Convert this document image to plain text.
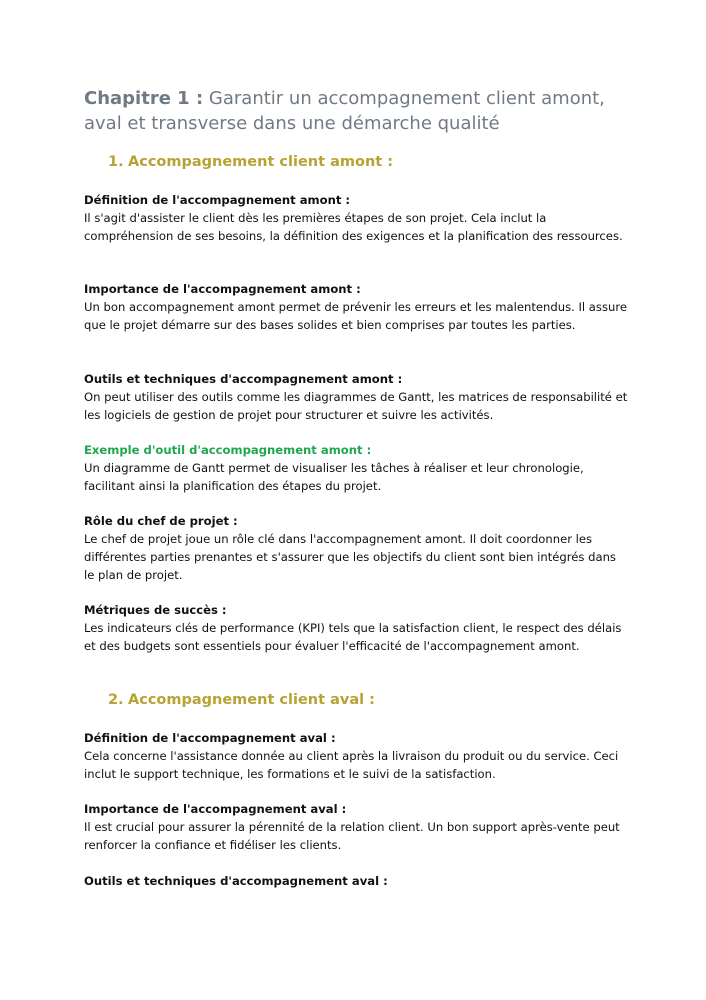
Chapitre 1 : Garantir un accompagnement client amont, aval et transverse dans une démarche qualité
1. Accompagnement client amont :

Définition de l'accompagnement amont :

Il s'agit d'assister le client dès les premières étapes de son projet. Cela inclut la compréhension de ses besoins, la définition des exigences et la planification des ressources.

Importance de l'accompagnement amont :

Un bon accompagnement amont permet de prévenir les erreurs et les malentendus. Il assure que le projet démarre sur des bases solides et bien comprises par toutes les parties.

Outils et techniques d'accompagnement amont :

On peut utiliser des outils comme les diagrammes de Gantt, les matrices de responsabilité et les logiciels de gestion de projet pour structurer et suivre les activités.

Exemple d'outil d'accompagnement amont :

Un diagramme de Gantt permet de visualiser les tâches à réaliser et leur chronologie, facilitant ainsi la planification des étapes du projet.

Rôle du chef de projet :

Le chef de projet joue un rôle clé dans l'accompagnement amont. Il doit coordonner les différentes parties prenantes et s'assurer que les objectifs du client sont bien intégrés dans le plan de projet.

Métriques de succès :

Les indicateurs clés de performance (KPI) tels que la satisfaction client, le respect des délais et des budgets sont essentiels pour évaluer l'efficacité de l'accompagnement amont.

2. Accompagnement client aval :

Définition de l'accompagnement aval :

Cela concerne l'assistance donnée au client après la livraison du produit ou du service. Ceci inclut le support technique, les formations et le suivi de la satisfaction.

Importance de l'accompagnement aval :

Il est crucial pour assurer la pérennité de la relation client. Un bon support après-vente peut renforcer la confiance et fidéliser les clients.

Outils et techniques d'accompagnement aval :
